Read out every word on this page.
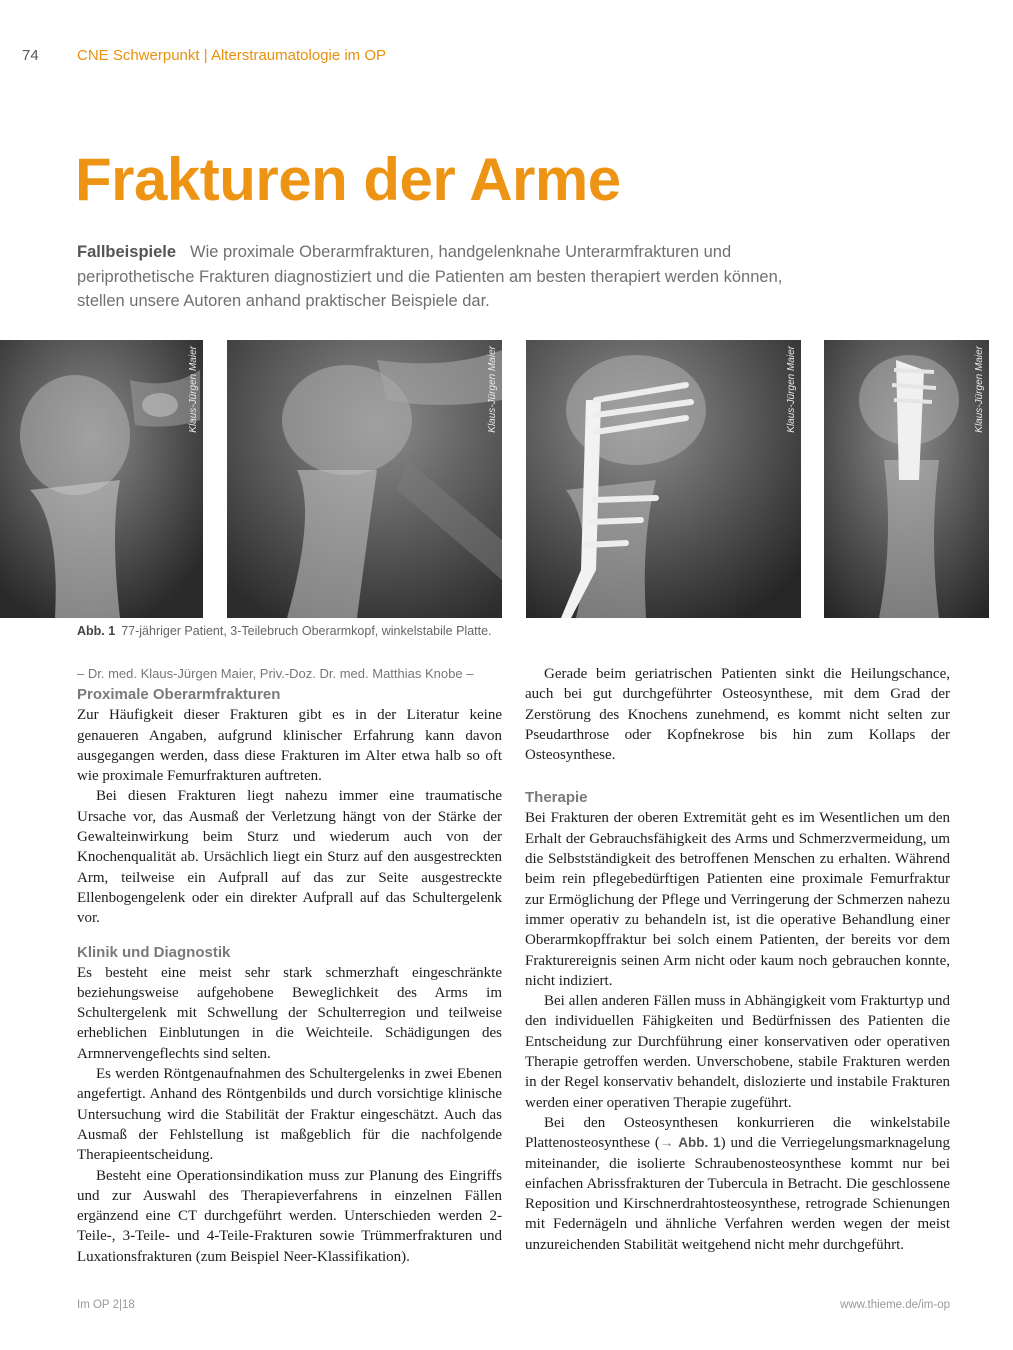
74	CNE Schwerpunkt | Alterstraumatologie im OP
Frakturen der Arme
Fallbeispiele Wie proximale Oberarmfrakturen, handgelenknahe Unterarmfrakturen und periprothetische Frakturen diagnostiziert und die Patienten am besten therapiert werden können, stellen unsere Autoren anhand praktischer Beispiele dar.
Klaus-Jürgen Maier	Klaus-Jürgen Maier	Klaus-Jürgen Maier	Klaus-Jürgen Maier
Abb. 1 77-jähriger Patient, 3-Teilebruch Oberarmkopf, winkelstabile Platte.

– Dr. med. Klaus-Jürgen Maier, Priv.-Doz. Dr. med. Matthias Knobe –

Proximale Oberarmfrakturen

Zur Häufigkeit dieser Frakturen gibt es in der Literatur keine genaueren Angaben, aufgrund klinischer Erfahrung kann davon ausgegangen werden, dass diese Frakturen im Alter etwa halb so oft wie proximale Femurfrakturen auftreten.

Bei diesen Frakturen liegt nahezu immer eine traumatische Ursache vor, das Ausmaß der Verletzung hängt von der Stärke der Gewalteinwirkung beim Sturz und wiederum auch von der Knochenqualität ab. Ursächlich liegt ein Sturz auf den ausgestreckten Arm, teilweise ein Aufprall auf das zur Seite ausgestreckte Ellenbogengelenk oder ein direkter Aufprall auf das Schultergelenk vor.

Klinik und Diagnostik

Es besteht eine meist sehr stark schmerzhaft eingeschränkte beziehungsweise aufgehobene Beweglichkeit des Arms im Schultergelenk mit Schwellung der Schulterregion und teilweise erheblichen Einblutungen in die Weichteile. Schädigungen des Armnervengeflechts sind selten.

Es werden Röntgenaufnahmen des Schultergelenks in zwei Ebenen angefertigt. Anhand des Röntgenbilds und durch vorsichtige klinische Untersuchung wird die Stabilität der Fraktur eingeschätzt. Auch das Ausmaß der Fehlstellung ist maßgeblich für die nachfolgende Therapieentscheidung.

Besteht eine Operationsindikation muss zur Planung des Eingriffs und zur Auswahl des Therapieverfahrens in einzelnen Fällen ergänzend eine CT durchgeführt werden. Unterschieden werden 2-Teile-, 3-Teile- und 4-Teile-Frakturen sowie Trümmerfrakturen und Luxationsfrakturen (zum Beispiel Neer-Klassifikation).

Gerade beim geriatrischen Patienten sinkt die Heilungschance, auch bei gut durchgeführter Osteosynthese, mit dem Grad der Zerstörung des Knochens zunehmend, es kommt nicht selten zur Pseudarthrose oder Kopfnekrose bis hin zum Kollaps der Osteosynthese.

Therapie

Bei Frakturen der oberen Extremität geht es im Wesentlichen um den Erhalt der Gebrauchsfähigkeit des Arms und Schmerzvermeidung, um die Selbstständigkeit des betroffenen Menschen zu erhalten. Während beim rein pflegebedürftigen Patienten eine proximale Femurfraktur zur Ermöglichung der Pflege und Verringerung der Schmerzen nahezu immer operativ zu behandeln ist, ist die operative Behandlung einer Oberarmkopffraktur bei solch einem Patienten, der bereits vor dem Frakturereignis seinen Arm nicht oder kaum noch gebrauchen konnte, nicht indiziert.

Bei allen anderen Fällen muss in Abhängigkeit vom Frakturtyp und den individuellen Fähigkeiten und Bedürfnissen des Patienten die Entscheidung zur Durchführung einer konservativen oder operativen Therapie getroffen werden. Unverschobene, stabile Frakturen werden in der Regel konservativ behandelt, dislozierte und instabile Frakturen werden einer operativen Therapie zugeführt.

Bei den Osteosynthesen konkurrieren die winkelstabile Plattenosteosynthese (→ Abb. 1) und die Verriegelungsmarknagelung miteinander, die isolierte Schraubenosteosynthese kommt nur bei einfachen Abrissfrakturen der Tubercula in Betracht. Die geschlossene Reposition und Kirschnerdrahtosteosynthese, retrograde Schienungen mit Federnägeln und ähnliche Verfahren werden wegen der meist unzureichenden Stabilität weitgehend nicht mehr durchgeführt.

Im OP 2|18	www.thieme.de/im-op
